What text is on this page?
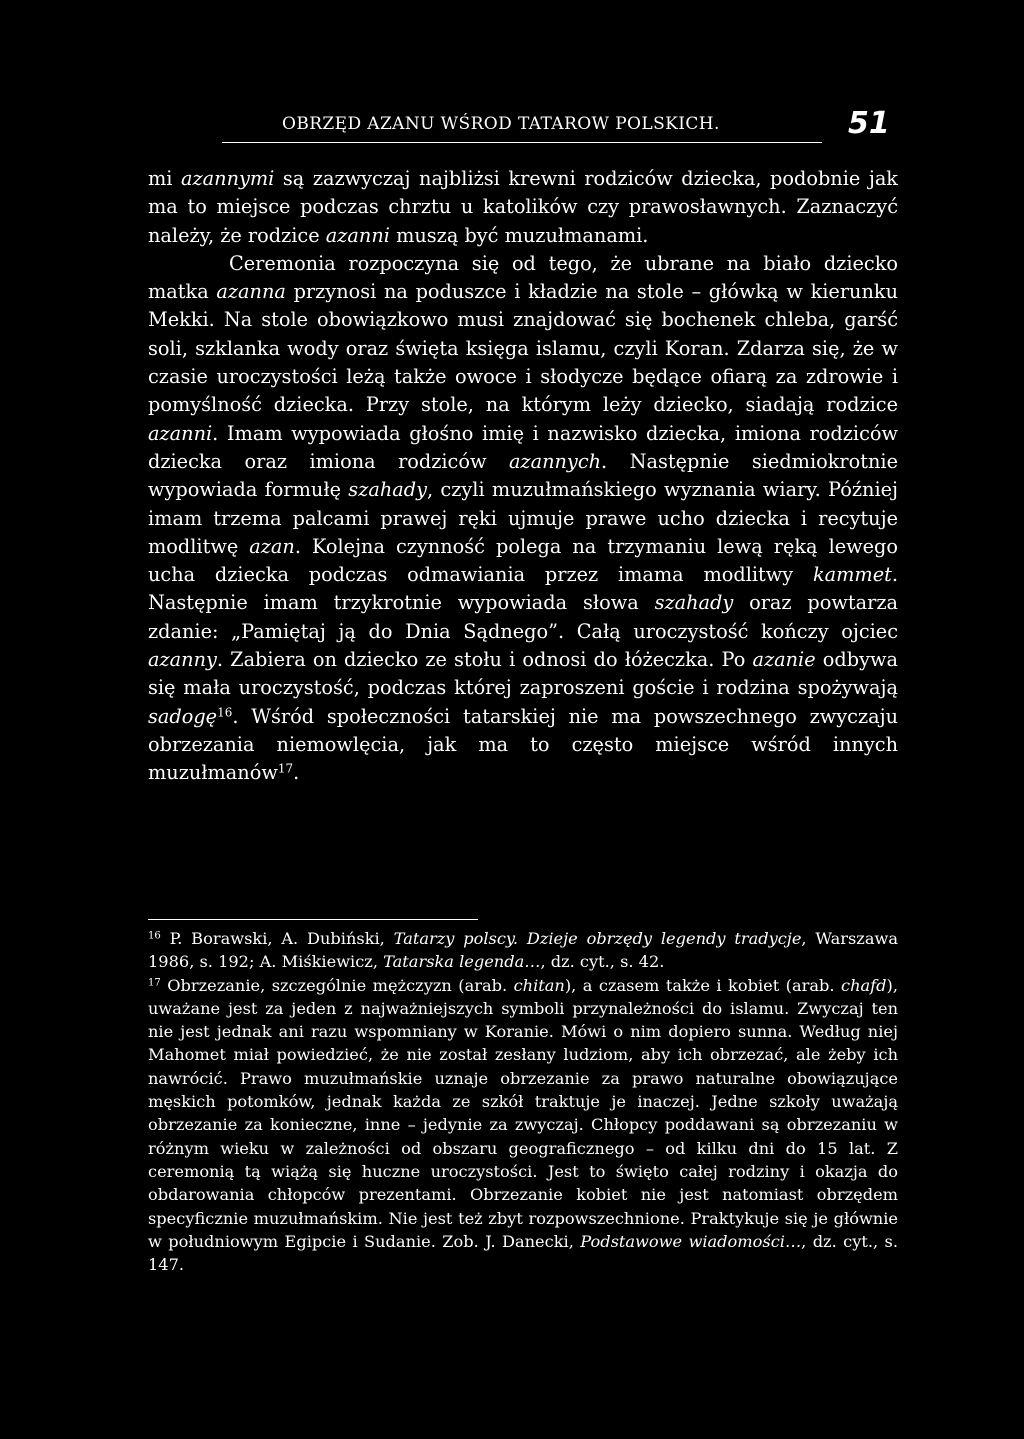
OBRZĘD AZANU WŚROD TATAROW POLSKICH.	51

mi azannymi są zazwyczaj najbliżsi krewni rodziców dziecka, podobnie jak ma to miejsce podczas chrztu u katolików czy prawosławnych. Zaznaczyć należy, że rodzice azanni muszą być muzułmanami.

Ceremonia rozpoczyna się od tego, że ubrane na biało dziecko matka azanna przynosi na poduszce i kładzie na stole – główką w kierunku Mekki. Na stole obowiązkowo musi znajdować się bochenek chleba, garść soli, szklanka wody oraz święta księga islamu, czyli Koran. Zdarza się, że w czasie uroczystości leżą także owoce i słodycze będące ofiarą za zdrowie i pomyślność dziecka. Przy stole, na którym leży dziecko, siadają rodzice azanni. Imam wypowiada głośno imię i nazwisko dziecka, imiona rodziców dziecka oraz imiona rodziców azannych. Następnie siedmiokrotnie wypowiada formułę szahady, czyli muzułmańskiego wyznania wiary. Później imam trzema palcami prawej ręki ujmuje prawe ucho dziecka i recytuje modlitwę azan. Kolejna czynność polega na trzymaniu lewą ręką lewego ucha dziecka podczas odmawiania przez imama modlitwy kammet. Następnie imam trzykrotnie wypowiada słowa szahady oraz powtarza zdanie: „Pamiętaj ją do Dnia Sądnego”. Całą uroczystość kończy ojciec azanny. Zabiera on dziecko ze stołu i odnosi do łóżeczka. Po azanie odbywa się mała uroczystość, podczas której zaproszeni goście i rodzina spożywają sadogę$^{16}$. Wśród społeczności tatarskiej nie ma powszechnego zwyczaju obrzezania niemowlęcia, jak ma to często miejsce wśród innych muzułmanów$^{17}$.

$^{16}$ P. Borawski, A. Dubiński, Tatarzy polscy. Dzieje obrzędy legendy tradycje, Warszawa 1986, s. 192; A. Miśkiewicz, Tatarska legenda…, dz. cyt., s. 42.

$^{17}$ Obrzezanie, szczególnie mężczyzn (arab. chitan), a czasem także i kobiet (arab. chafd), uważane jest za jeden z najważniejszych symboli przynależności do islamu. Zwyczaj ten nie jest jednak ani razu wspomniany w Koranie. Mówi o nim dopiero sunna. Według niej Mahomet miał powiedzieć, że nie został zesłany ludziom, aby ich obrzezać, ale żeby ich nawrócić. Prawo muzułmańskie uznaje obrzezanie za prawo naturalne obowiązujące męskich potomków, jednak każda ze szkół traktuje je inaczej. Jedne szkoły uważają obrzezanie za konieczne, inne – jedynie za zwyczaj. Chłopcy poddawani są obrzezaniu w różnym wieku w zależności od obszaru geograficznego – od kilku dni do 15 lat. Z ceremonią tą wiążą się huczne uroczystości. Jest to święto całej rodziny i okazja do obdarowania chłopców prezentami. Obrzezanie kobiet nie jest natomiast obrzędem specyficznie muzułmańskim. Nie jest też zbyt rozpowszechnione. Praktykuje się je głównie w południowym Egipcie i Sudanie. Zob. J. Danecki, Podstawowe wiadomości…, dz. cyt., s. 147.
